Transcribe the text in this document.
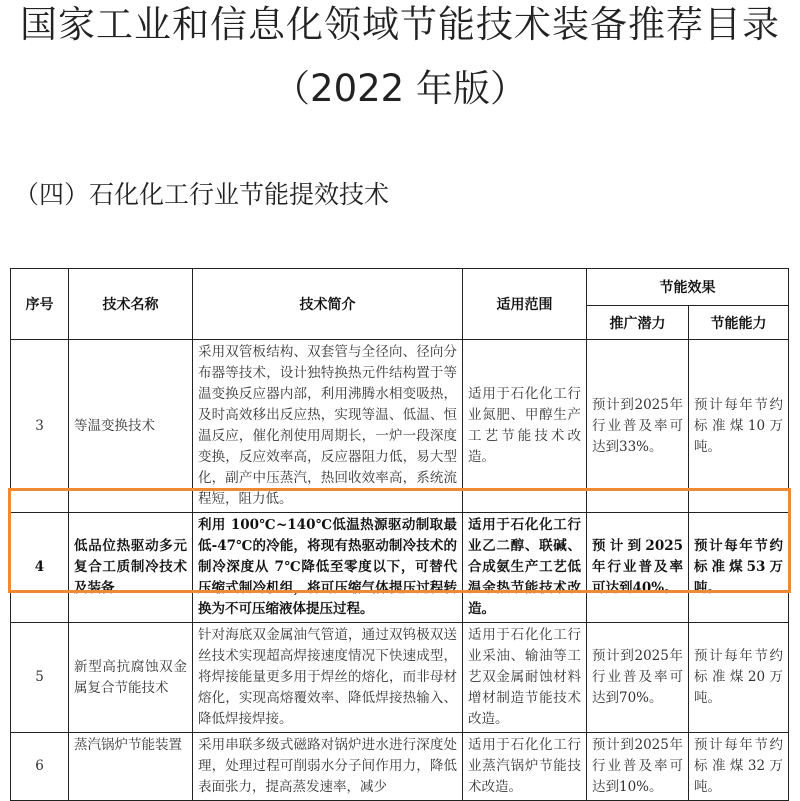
国家工业和信息化领域节能技术装备推荐目录
（2022 年版）
（四）石化化工行业节能提效技术
序号	技术名称	技术简介	适用范围	节能效果	
				推广潜力	节能能力
3	等温变换技术	采用双管板结构、双套管与全径向、径向分布器等技术，设计独特换热元件结构置于等温变换反应器内部，利用沸腾水相变吸热，及时高效移出反应热，实现等温、低温、恒温反应，催化剂使用周期长，一炉一段深度变换，反应效率高，反应器阻力低，易大型化，副产中压蒸汽，热回收效率高，系统流程短，阻力低。	适用于石化化工行业氮肥、甲醇生产工艺节能技术改造。	预计到2025年行业普及率可达到33%。	预计每年节约标准煤10万吨。

4	低品位热驱动多元复合工质制冷技术及装备	利用 100℃~140℃低温热源驱动制取最低-47℃的冷能，将现有热驱动制冷技术的制冷深度从 7℃降低至零度以下，可替代压缩式制冷机组，将可压缩气体提压过程转换为不可压缩液体提压过程。	适用于石化化工行业乙二醇、联碱、合成氨生产工艺低温余热节能技术改造。	预计到2025年行业普及率可达到40%。	预计每年节约标准煤53万吨。

5	新型高抗腐蚀双金属复合节能技术	针对海底双金属油气管道，通过双钨极双送丝技术实现超高焊接速度情况下快速成型，将焊接能量更多用于焊丝的熔化，而非母材熔化，实现高熔覆效率、降低焊接热输入、降低焊接焊接。	适用于石化化工行业采油、输油等工艺双金属耐蚀材料增材制造节能技术改造。	预计到2025年行业普及率可达到70%。	预计每年节约标准煤20万吨。

6	蒸汽锅炉节能装置	采用串联多级式磁路对锅炉进水进行深度处理，处理过程可削弱水分子间作用力，降低表面张力，提高蒸发速率，减少	适用于石化化工行业蒸汽锅炉节能技术改造。	预计到2025年行业普及率可达到10%。	预计每年节约标准煤32万吨。
